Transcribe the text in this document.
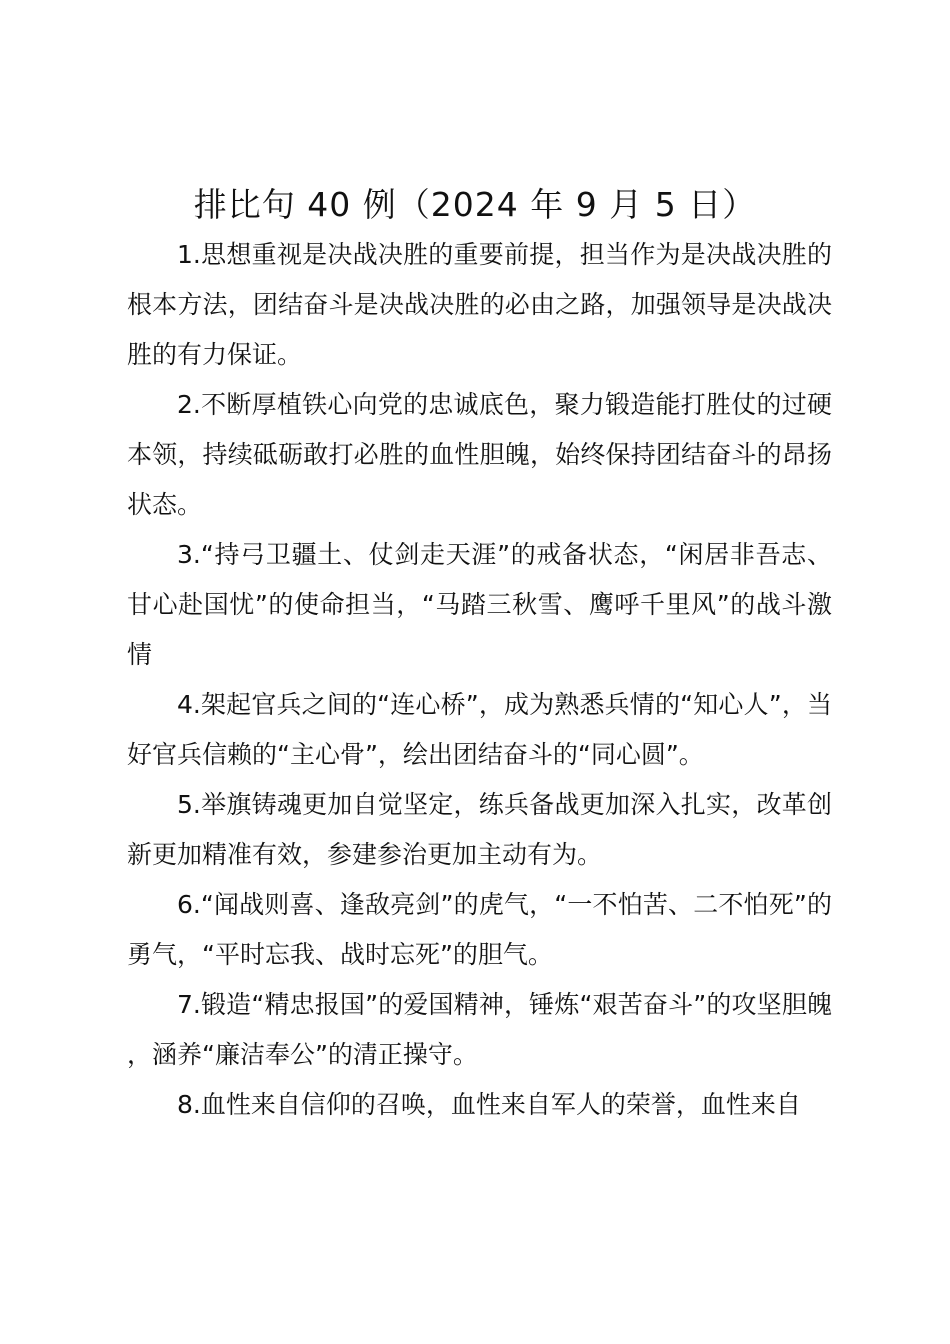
排比句 40 例（2024 年 9 月 5 日）

1.思想重视是决战决胜的重要前提，担当作为是决战决胜的根本方法，团结奋斗是决战决胜的必由之路，加强领导是决战决胜的有力保证。

2.不断厚植铁心向党的忠诚底色，聚力锻造能打胜仗的过硬本领，持续砥砺敢打必胜的血性胆魄，始终保持团结奋斗的昂扬状态。

3.“持弓卫疆土、仗剑走天涯”的戒备状态，“闲居非吾志、甘心赴国忧”的使命担当，“马踏三秋雪、鹰呼千里风”的战斗激情

4.架起官兵之间的“连心桥”，成为熟悉兵情的“知心人”，当好官兵信赖的“主心骨”，绘出团结奋斗的“同心圆”。

5.举旗铸魂更加自觉坚定，练兵备战更加深入扎实，改革创新更加精准有效，参建参治更加主动有为。

6.“闻战则喜、逢敌亮剑”的虎气，“一不怕苦、二不怕死”的勇气，“平时忘我、战时忘死”的胆气。

7.锻造“精忠报国”的爱国精神，锤炼“艰苦奋斗”的攻坚胆魄，涵养“廉洁奉公”的清正操守。

8.血性来自信仰的召唤，血性来自军人的荣誉，血性来自
